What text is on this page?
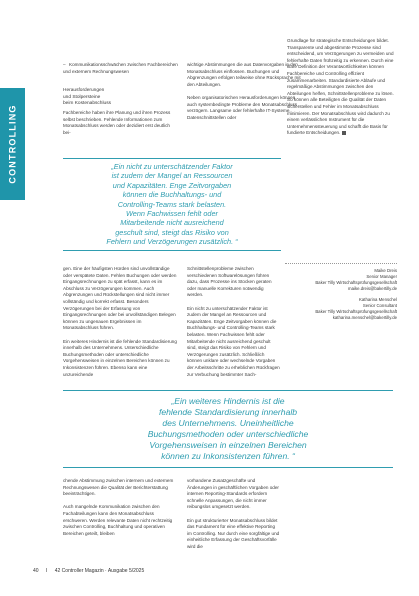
CONTROLLING

– Kommunikationsschwächen zwischen Fachbereichen und externem Rechnungswesen

Herausforderungen
und Stolpersteine
beim Kostenabschluss

Fachbereiche haben ihre Planung und ihren Prozess selbst beschrieben. Fehlende Informationen zum Monatsabschluss werden oder dezidiert erst deutlich bei-

wichtige Abstimmungen die aus Datenvorgaben in den Monatsabschluss einflossen. Buchungen und Abgrenzungen erfolgen teilweise ohne Rücksprache mit den Abteilungen.

Neben organisatorischen Herausforderungen können auch systembedingte Probleme den Monatsabschluss verzögern. Langsame oder fehlerhafte IT-Systeme, Datenschnittstellen oder

Grundlage für strategische Entscheidungen bildet. Transparente und abgestimmte Prozesse sind entscheidend, um Verzögerungen zu vermeiden und fehlerhafte Daten frühzeitig zu erkennen. Durch eine klare Definition der Verantwortlichkeiten können Fachbereiche und Controlling effizient zusammenarbeiten. Standardisierte Abläufe und regelmäßige Abstimmungen zwischen den Abteilungen helfen, Schnittstellenprobleme zu lösen. So können alle Beteiligten die Qualität der Daten sicherstellen und Fehler im Monatsabschluss minimieren. Der Monatsabschluss wird dadurch zu einem verlässlichen Instrument für die Unternehmenssteuerung und schafft die Basis für fundierte Entscheidungen.

„Ein nicht zu unterschätzender Faktor
ist zudem der Mangel an Ressourcen
und Kapazitäten. Enge Zeitvorgaben
können die Buchhaltungs- und
Controlling-Teams stark belasten.
Wenn Fachwissen fehlt oder
Mitarbeitende nicht ausreichend
geschult sind, steigt das Risiko von
Fehlern und Verzögerungen zusätzlich. “
Maike Dreis
Senior Manager
Baker Tilly Wirtschaftsprüfungsgesellschaft
maike.dreis@bakertilly.de
Katharina Menschel
Senior Consultant
Baker Tilly Wirtschaftsprüfungsgesellschaft
katharina.menschel@bakertilly.de

gen. Eine der häufigsten Hürden sind unvollständige oder verspätete Daten. Fehlen Buchungen oder werden Eingangsrechnungen zu spät erfasst, kann es im Abschluss zu Verzögerungen kommen. Auch Abgrenzungen und Rückstellungen sind nicht immer vollständig und korrekt erfasst. Besonders Verzögerungen bei der Erfassung von Eingangsrechnungen oder bei unvollständigen Belegen können zu ungenauen Ergebnissen im Monatsabschluss führen.

Ein weiteres Hindernis ist die fehlende Standardisierung innerhalb des Unternehmens. Unterschiedliche Buchungsmethoden oder unterschiedliche Vorgehensweisen in einzelnen Bereichen können zu Inkonsistenzen führen. Ebenso kann eine unzureichende

Schnittstellenprobleme zwischen verschiedenen Softwarelösungen führen dazu, dass Prozesse ins Stocken geraten oder manuelle Korrekturen notwendig werden.

Ein nicht zu unterschätzender Faktor ist zudem der Mangel an Ressourcen und Kapazitäten. Enge Zeitvorgaben können die Buchhaltungs- und Controlling-Teams stark belasten. Wenn Fachwissen fehlt oder Mitarbeitende nicht ausreichend geschult sind, steigt das Risiko von Fehlern und Verzögerungen zusätzlich. Schließlich können unklare oder wechselnde Vorgaben der Arbeitsschritte zu erheblichen Rückfragen zur Verbuchung bestimmter Sach-

„Ein weiteres Hindernis ist die
fehlende Standardisierung innerhalb
des Unternehmens. Uneinheitliche
Buchungsmethoden oder unterschiedliche
Vorgehensweisen in einzelnen Bereichen
können zu Inkonsistenzen führen. “

chende Abstimmung zwischen internem und externem Rechnungswesen die Qualität der Berichterstattung beeinträchtigen.

Auch mangelnde Kommunikation zwischen den Fachabteilungen kann den Monatsabschluss erschweren. Werden relevante Daten nicht rechtzeitig zwischen Controlling, Buchhaltung und operativen Bereichen geteilt, bleiben

vorhandene Zusatzgeschäfte und Änderungen in geschäftlichen Vorgaben oder internen Reporting-Standards erfordern schnelle Anpassungen, die nicht immer reibungslos umgesetzt werden.

Ein gut strukturierter Monatsabschluss bildet das Fundament für eine effektive Reporting im Controlling. Nur durch eine sorgfältige und einheitliche Erfassung der Geschäftsvorfälle wird die

40 I 42 Controller Magazin · Ausgabe 5/2025
